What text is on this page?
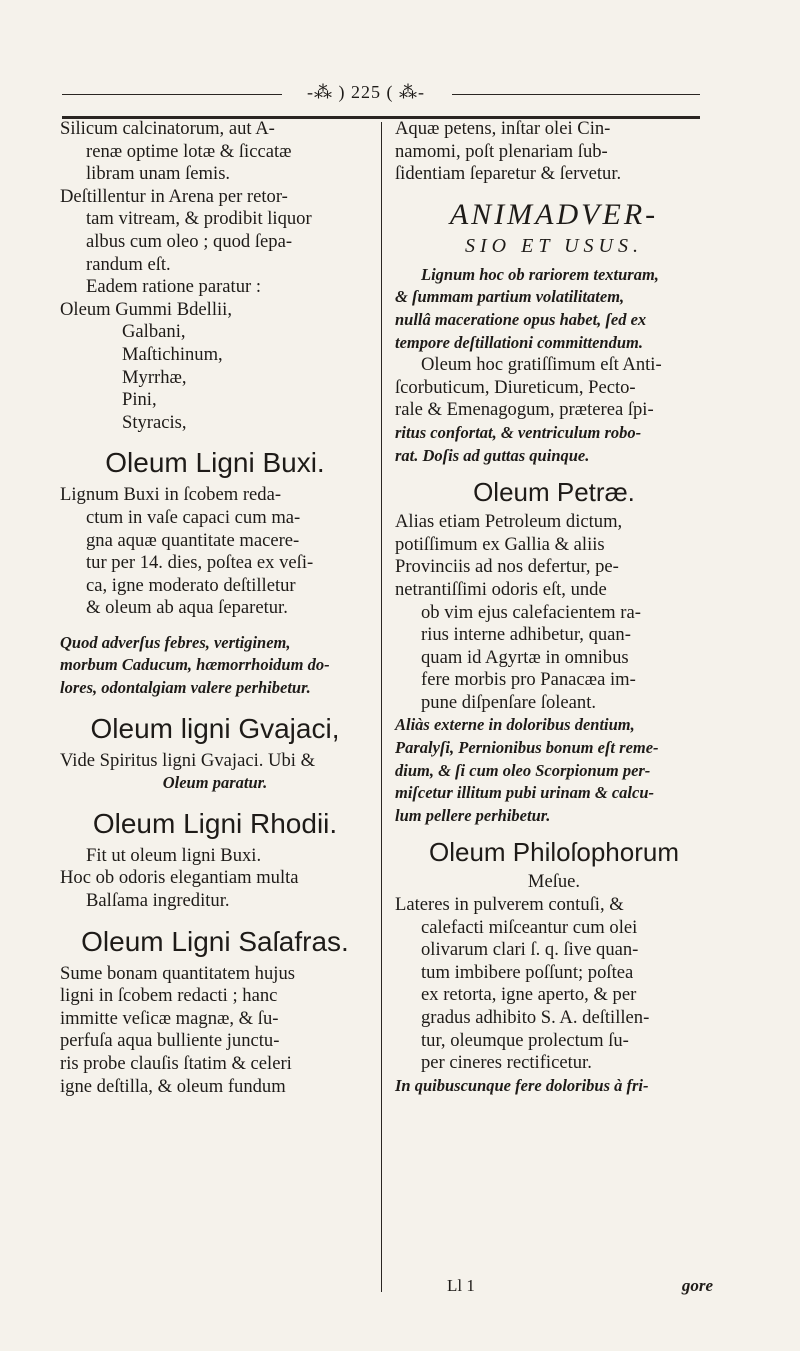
-⁂ ) 225 ( ⁂-

Silicum calcinatorum, aut A-

renæ optime lotæ & ſiccatæ

libram unam ſemis.

Deſtillentur in Arena per retor-

tam vitream, & prodibit liquor

albus cum oleo ; quod ſepa-

randum eſt.

Eadem ratione paratur :

Oleum Gummi Bdellii,

Galbani,

Maſtichinum,

Myrrhæ,

Pini,

Styracis,

Oleum Ligni Buxi.

Lignum Buxi in ſcobem reda-

ctum in vaſe capaci cum ma-

gna aquæ quantitate macere-

tur per 14. dies, poſtea ex veſi-

ca, igne moderato deſtilletur

& oleum ab aqua ſeparetur.

Quod adverſus febres, vertiginem,

morbum Caducum, hæmorrhoidum do-

lores, odontalgiam valere perhibetur.

Oleum ligni Gvajaci,

Vide Spiritus ligni Gvajaci. Ubi &

Oleum paratur.

Oleum Ligni Rhodii.

Fit ut oleum ligni Buxi.

Hoc ob odoris elegantiam multa

Balſama ingreditur.

Oleum Ligni Saſafras.

Sume bonam quantitatem hujus

ligni in ſcobem redacti ; hanc

immitte veſicæ magnæ, & ſu-

perfuſa aqua bulliente junctu-

ris probe clauſis ſtatim & celeri

igne deſtilla, & oleum fundum

Aquæ petens, inſtar olei Cin-

namomi, poſt plenariam ſub-

ſidentiam ſeparetur & ſervetur.

ANIMADVER-

SIO ET USUS.

Lignum hoc ob rariorem texturam,

& ſummam partium volatilitatem,

nullâ maceratione opus habet, ſed ex

tempore deſtillationi committendum.

Oleum hoc gratiſſimum eſt Anti-

ſcorbuticum, Diureticum, Pecto-

rale & Emenagogum, præterea ſpi-

ritus confortat, & ventriculum robo-

rat. Doſis ad guttas quinque.

Oleum Petræ.

Alias etiam Petroleum dictum,

potiſſimum ex Gallia & aliis

Provinciis ad nos defertur, pe-

netrantiſſimi odoris eſt, unde

ob vim ejus calefacientem ra-

rius interne adhibetur, quan-

quam id Agyrtæ in omnibus

fere morbis pro Panacæa im-

pune diſpenſare ſoleant.

Aliàs externe in doloribus dentium,

Paralyſi, Pernionibus bonum eſt reme-

dium, & ſi cum oleo Scorpionum per-

miſcetur illitum pubi urinam & calcu-

lum pellere perhibetur.

Oleum Philoſophorum

Meſue.

Lateres in pulverem contuſi, &

calefacti miſceantur cum olei

olivarum clari ſ. q. ſive quan-

tum imbibere poſſunt; poſtea

ex retorta, igne aperto, & per

gradus adhibito S. A. deſtillen-

tur, oleumque prolectum ſu-

per cineres rectificetur.

In quibuscunque fere doloribus à fri-

Ll 1	gore
